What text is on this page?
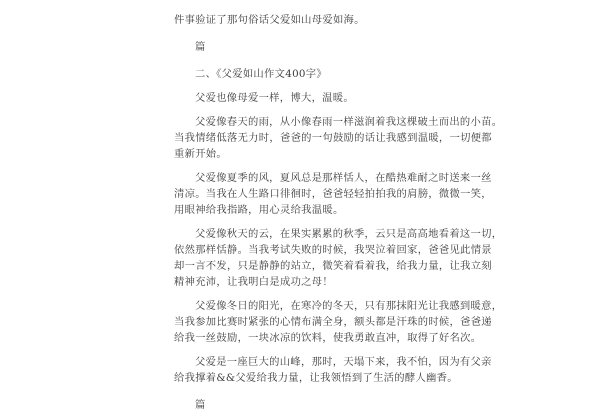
件事验证了那句俗话父爱如山母爱如海。
篇
二、《父爱如山作文400字》
父爱也像母爱一样，博大，温暖。
父爱像春天的雨，从小像春雨一样滋润着我这棵破土而出的小苗。
当我情绪低落无力时，爸爸的一句鼓励的话让我感到温暖，一切便都
重新开始。
父爱像夏季的风，夏风总是那样恬人，在酷热难耐之时送来一丝
清凉。当我在人生路口徘徊时，爸爸轻轻拍拍我的肩膀，微微一笑，
用眼神给我指路，用心灵给我温暖。
父爱像秋天的云，在果实累累的秋季，云只是高高地看着这一切，
依然那样恬静。当我考试失败的时候，我哭泣着回家，爸爸见此情景
却一言不发，只是静静的站立，微笑着看着我，给我力量，让我立刻
精神充沛，让我明白是成功之母！
父爱像冬日的阳光，在寒冷的冬天，只有那抹阳光让我感到暖意，
当我参加比赛时紧张的心情布满全身，额头都是汗珠的时候，爸爸递
给我一丝鼓励，一块冰凉的饮料，使我勇敢直冲，取得了好名次。
父爱是一座巨大的山峰，那时，天塌下来，我不怕，因为有父亲
给我撑着&&父爱给我力量，让我领悟到了生活的酵人幽香。
篇
